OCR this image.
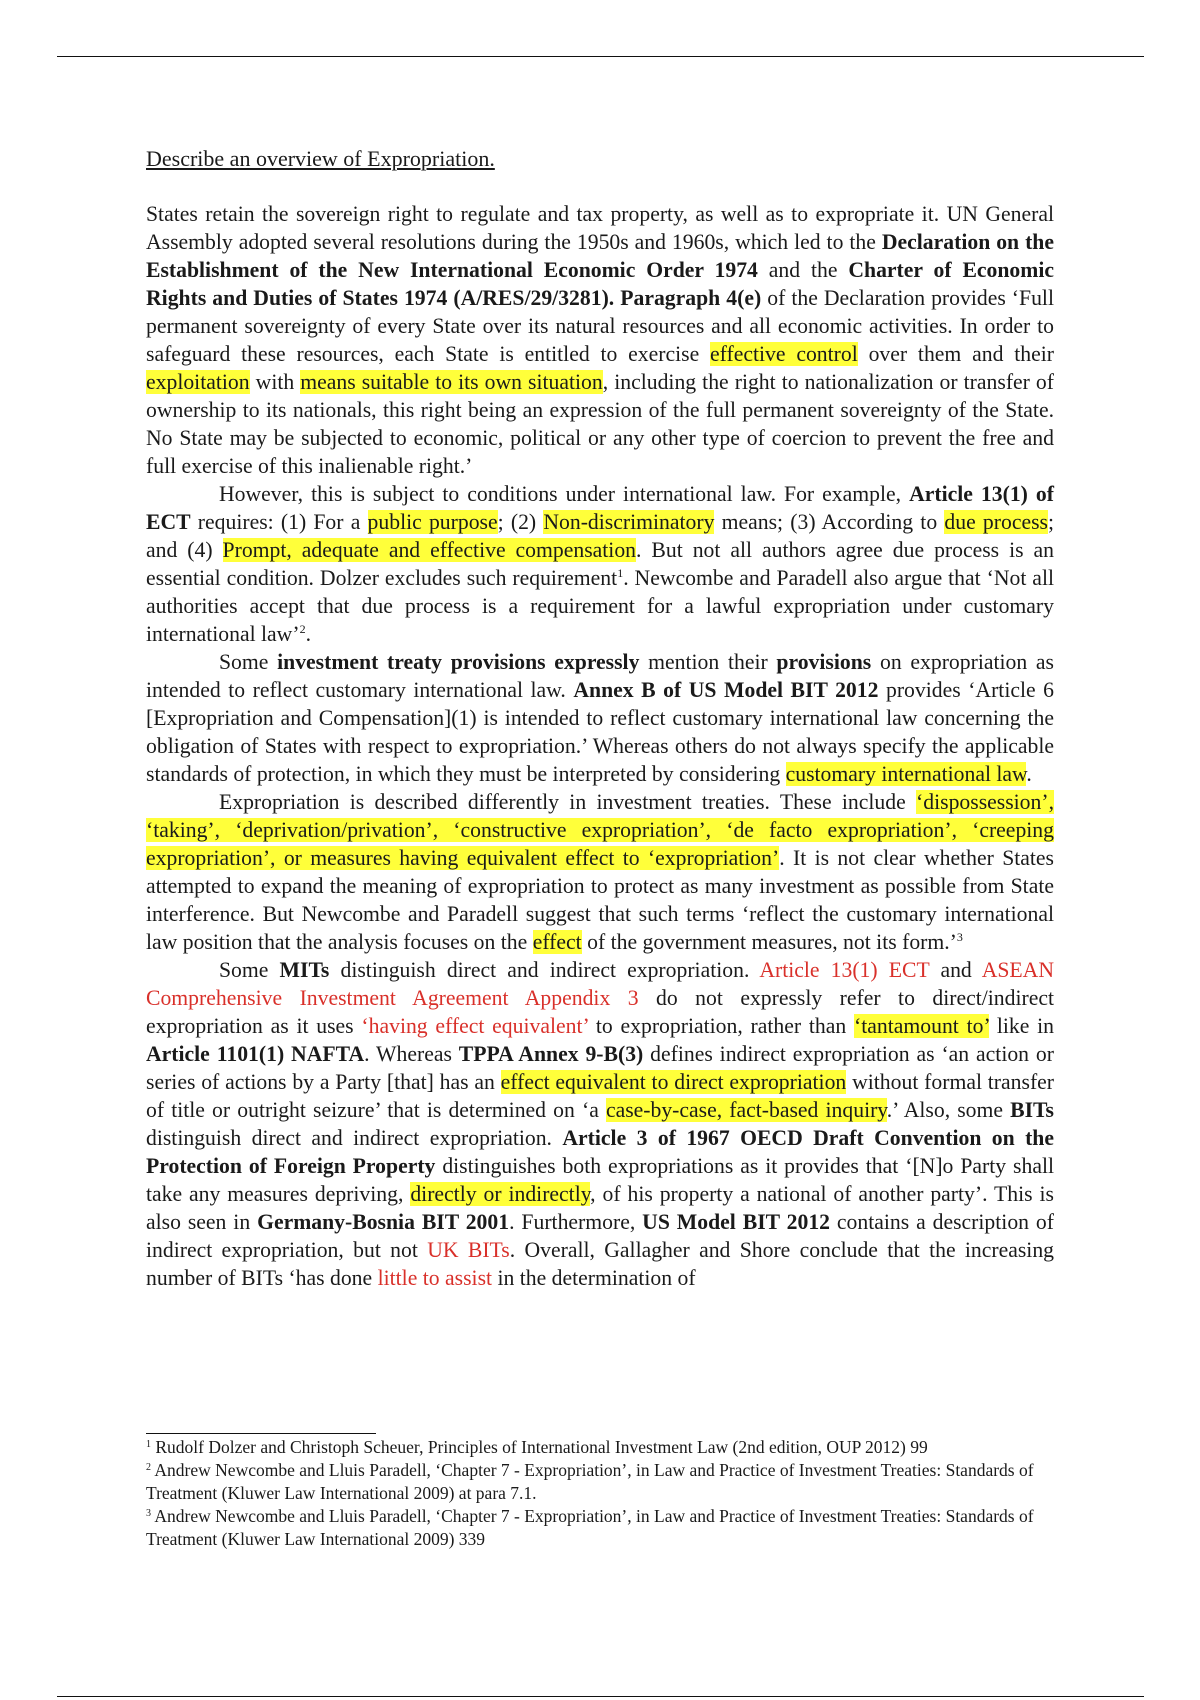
Describe an overview of Expropriation.

States retain the sovereign right to regulate and tax property, as well as to expropriate it. UN General Assembly adopted several resolutions during the 1950s and 1960s, which led to the Declaration on the Establishment of the New International Economic Order 1974 and the Charter of Economic Rights and Duties of States 1974 (A/RES/29/3281). Paragraph 4(e) of the Declaration provides ‘Full permanent sovereignty of every State over its natural resources and all economic activities. In order to safeguard these resources, each State is entitled to exercise effective control over them and their exploitation with means suitable to its own situation, including the right to nationalization or transfer of ownership to its nationals, this right being an expression of the full permanent sovereignty of the State. No State may be subjected to economic, political or any other type of coercion to prevent the free and full exercise of this inalienable right.’

However, this is subject to conditions under international law. For example, Article 13(1) of ECT requires: (1) For a public purpose; (2) Non-discriminatory means; (3) According to due process; and (4) Prompt, adequate and effective compensation. But not all authors agree due process is an essential condition. Dolzer excludes such requirement$^1$. Newcombe and Paradell also argue that ‘Not all authorities accept that due process is a requirement for a lawful expropriation under customary international law’$^2$.

Some investment treaty provisions expressly mention their provisions on expropriation as intended to reflect customary international law. Annex B of US Model BIT 2012 provides ‘Article 6 [Expropriation and Compensation](1) is intended to reflect customary international law concerning the obligation of States with respect to expropriation.’ Whereas others do not always specify the applicable standards of protection, in which they must be interpreted by considering customary international law.

Expropriation is described differently in investment treaties. These include ‘dispossession’, ‘taking’, ‘deprivation/privation’, ‘constructive expropriation’, ‘de facto expropriation’, ‘creeping expropriation’, or measures having equivalent effect to ‘expropriation’. It is not clear whether States attempted to expand the meaning of expropriation to protect as many investment as possible from State interference. But Newcombe and Paradell suggest that such terms ‘reflect the customary international law position that the analysis focuses on the effect of the government measures, not its form.’$^3$

Some MITs distinguish direct and indirect expropriation. Article 13(1) ECT and ASEAN Comprehensive Investment Agreement Appendix 3 do not expressly refer to direct/indirect expropriation as it uses ‘having effect equivalent’ to expropriation, rather than ‘tantamount to’ like in Article 1101(1) NAFTA. Whereas TPPA Annex 9-B(3) defines indirect expropriation as ‘an action or series of actions by a Party [that] has an effect equivalent to direct expropriation without formal transfer of title or outright seizure’ that is determined on ‘a case-by-case, fact-based inquiry.’ Also, some BITs distinguish direct and indirect expropriation. Article 3 of 1967 OECD Draft Convention on the Protection of Foreign Property distinguishes both expropriations as it provides that ‘[N]o Party shall take any measures depriving, directly or indirectly, of his property a national of another party’. This is also seen in Germany-Bosnia BIT 2001. Furthermore, US Model BIT 2012 contains a description of indirect expropriation, but not UK BITs. Overall, Gallagher and Shore conclude that the increasing number of BITs ‘has done little to assist in the determination of

$^1$ Rudolf Dolzer and Christoph Scheuer, Principles of International Investment Law (2nd edition, OUP 2012) 99

$^2$ Andrew Newcombe and Lluis Paradell, ‘Chapter 7 - Expropriation’, in Law and Practice of Investment Treaties: Standards of Treatment (Kluwer Law International 2009) at para 7.1.

$^3$ Andrew Newcombe and Lluis Paradell, ‘Chapter 7 - Expropriation’, in Law and Practice of Investment Treaties: Standards of Treatment (Kluwer Law International 2009) 339
